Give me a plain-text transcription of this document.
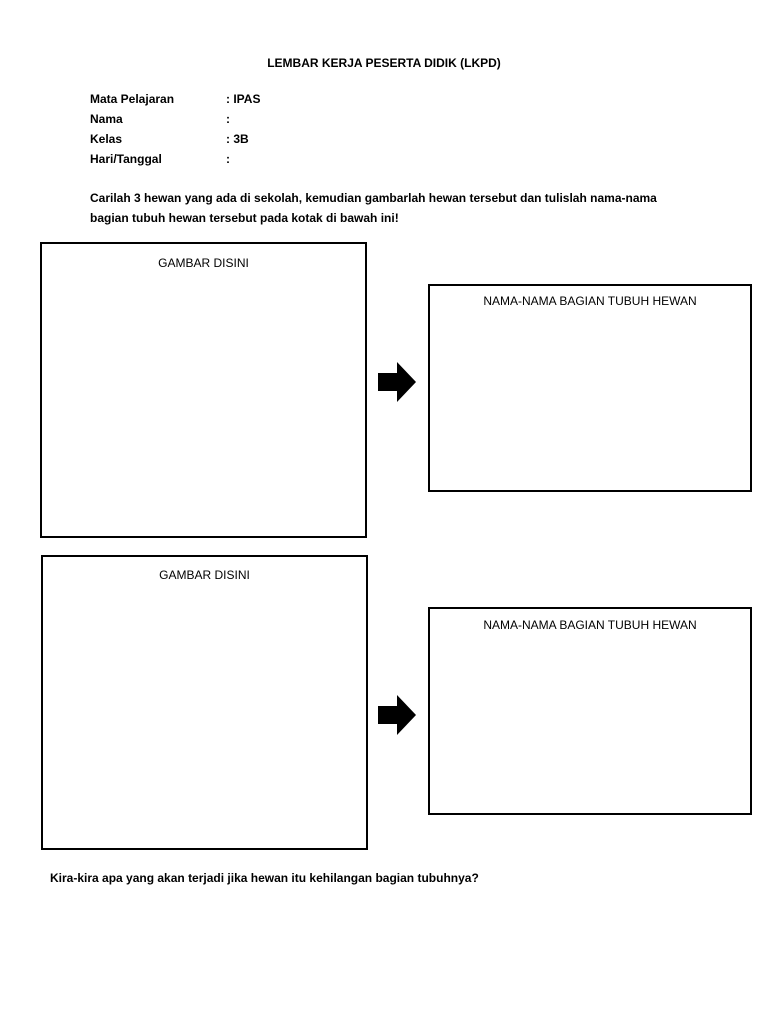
LEMBAR KERJA PESERTA DIDIK (LKPD)
Mata Pelajaran	: IPAS
Nama	:
Kelas	: 3B
Hari/Tanggal	:
Carilah 3 hewan yang ada di sekolah, kemudian gambarlah hewan tersebut dan tulislah nama-nama
bagian tubuh hewan tersebut pada kotak di bawah ini!
GAMBAR DISINI
NAMA-NAMA BAGIAN TUBUH HEWAN
GAMBAR DISINI
NAMA-NAMA BAGIAN TUBUH HEWAN
Kira-kira apa yang akan terjadi jika hewan itu kehilangan bagian tubuhnya?
